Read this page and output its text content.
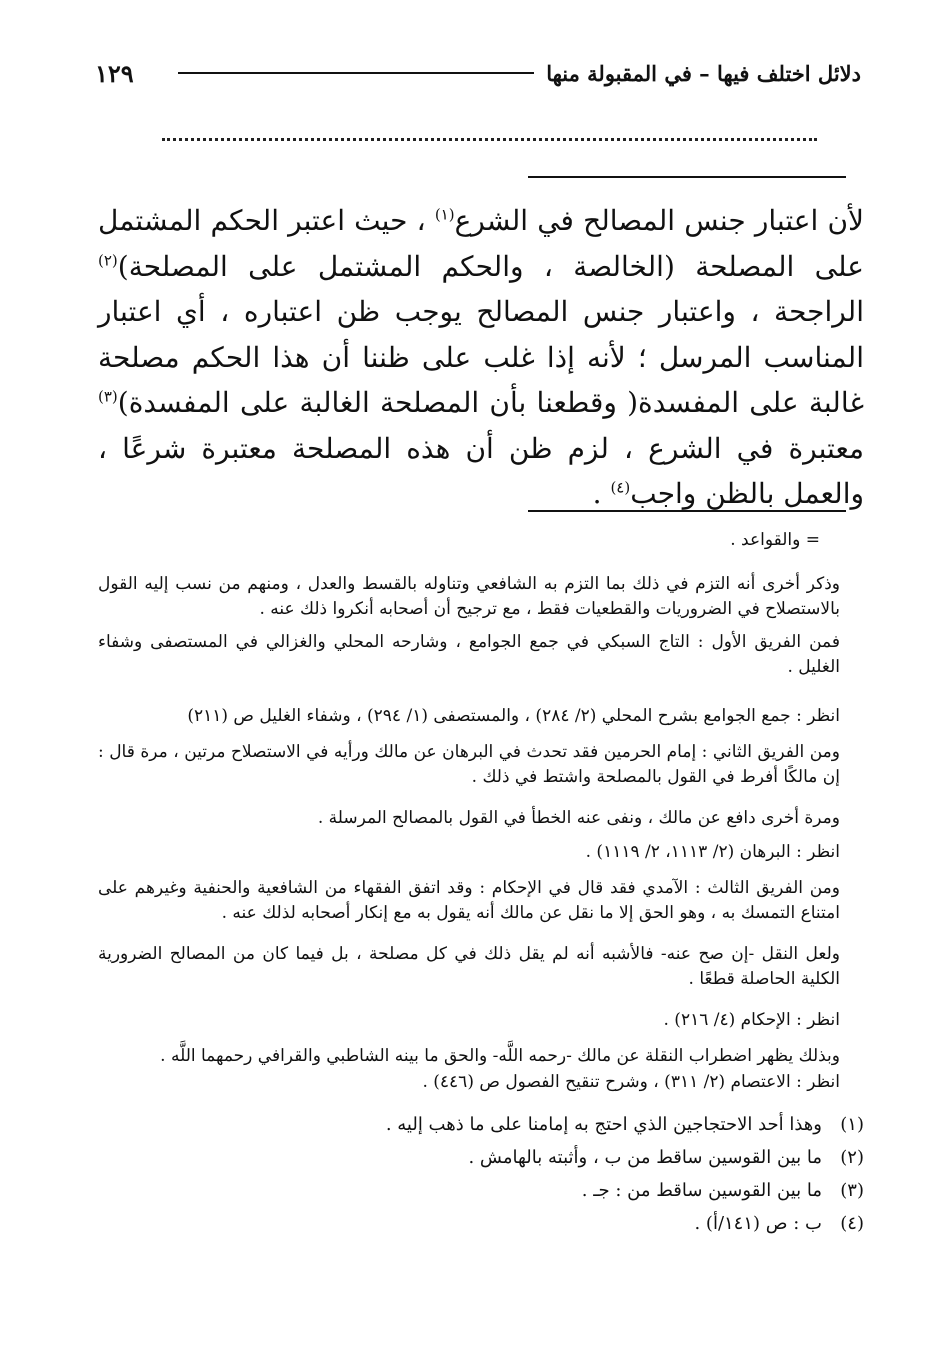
١٢٩	دلائل اختلف فيها – في المقبولة منها
لأن اعتبار جنس المصالح في الشرع$^{(١)}$ ، حيث اعتبر الحكم المشتمل على المصلحة (الخالصة ، والحكم المشتمل على المصلحة)$^{(٢)}$ الراجحة ، واعتبار جنس المصالح يوجب ظن اعتباره ، أي اعتبار المناسب المرسل ؛ لأنه إذا غلب على ظننا أن هذا الحكم مصلحة غالبة على المفسدة( وقطعنا بأن المصلحة الغالبة على المفسدة)$^{(٣)}$ معتبرة في الشرع ، لزم ظن أن هذه المصلحة معتبرة شرعًا ، والعمل بالظن واجب$^{(٤)}$ .
= والقواعد .
وذكر أخرى أنه التزم في ذلك بما التزم به الشافعي وتناوله بالقسط والعدل ، ومنهم من نسب إليه القول بالاستصلاح في الضروريات والقطعيات فقط ، مع ترجيح أن أصحابه أنكروا ذلك عنه .
فمن الفريق الأول : التاج السبكي في جمع الجوامع ، وشارحه المحلي والغزالي في المستصفى وشفاء الغليل .
انظر : جمع الجوامع بشرح المحلي (٢/ ٢٨٤) ، والمستصفى (١/ ٢٩٤) ، وشفاء الغليل ص (٢١١)
ومن الفريق الثاني : إمام الحرمين فقد تحدث في البرهان عن مالك ورأيه في الاستصلاح مرتين ، مرة قال : إن مالكًا أفرط في القول بالمصلحة واشتط في ذلك .
ومرة أخرى دافع عن مالك ، ونفى عنه الخطأ في القول بالمصالح المرسلة .
انظر : البرهان (٢/ ١١١٣، ٢/ ١١١٩) .
ومن الفريق الثالث : الآمدي فقد قال في الإحكام : وقد اتفق الفقهاء من الشافعية والحنفية وغيرهم على امتناع التمسك به ، وهو الحق إلا ما نقل عن مالك أنه يقول به مع إنكار أصحابه لذلك عنه .
ولعل النقل -إن صح عنه- فالأشبه أنه لم يقل ذلك في كل مصلحة ، بل فيما كان من المصالح الضرورية الكلية الحاصلة قطعًا .
انظر : الإحكام (٤/ ٢١٦) .
وبذلك يظهر اضطراب النقلة عن مالك -رحمه اللَّه- والحق ما بينه الشاطبي والقرافي رحمهما اللَّه .
انظر : الاعتصام (٢/ ٣١١) ، وشرح تنقيح الفصول ص (٤٤٦) .
(١)
وهذا أحد الاحتجاجين الذي احتج به إمامنا على ما ذهب إليه .
(٢)
ما بين القوسين ساقط من ب ، وأثبته بالهامش .
(٣)
ما بين القوسين ساقط من : جـ .
(٤)
ب : ص (١٤١/أ) .
